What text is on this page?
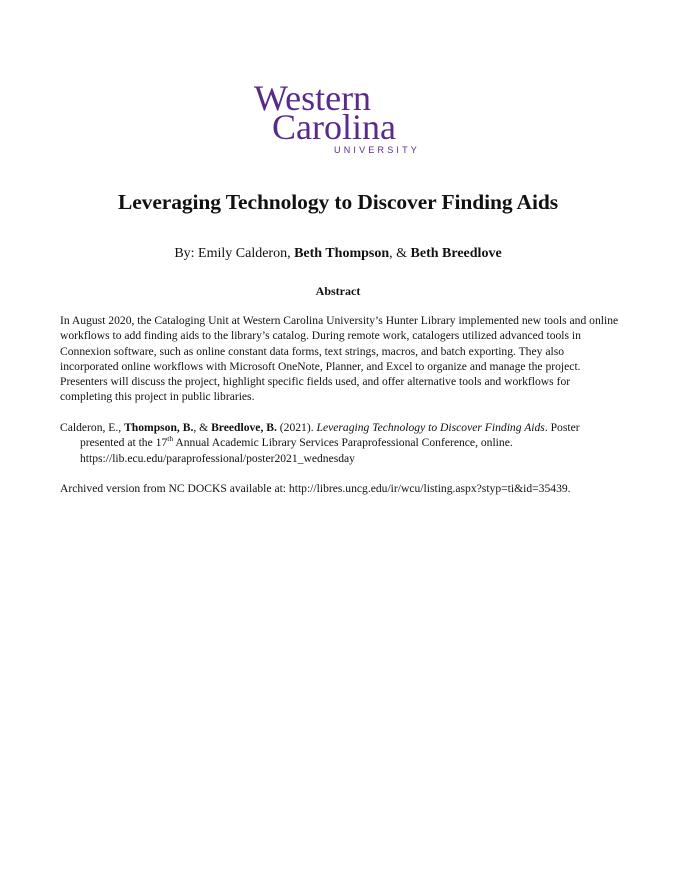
Western
Carolina
UNIVERSITY
Leveraging Technology to Discover Finding Aids
By: Emily Calderon, Beth Thompson, & Beth Breedlove
Abstract
In August 2020, the Cataloging Unit at Western Carolina University’s Hunter Library implemented new tools and online workflows to add finding aids to the library’s catalog. During remote work, catalogers utilized advanced tools in Connexion software, such as online constant data forms, text strings, macros, and batch exporting. They also incorporated online workflows with Microsoft OneNote, Planner, and Excel to organize and manage the project. Presenters will discuss the project, highlight specific fields used, and offer alternative tools and workflows for completing this project in public libraries.
Calderon, E., Thompson, B., & Breedlove, B. (2021). Leveraging Technology to Discover Finding Aids. Poster presented at the 17th Annual Academic Library Services Paraprofessional Conference, online. https://lib.ecu.edu/paraprofessional/poster2021_wednesday
Archived version from NC DOCKS available at: http://libres.uncg.edu/ir/wcu/listing.aspx?styp=ti&id=35439.
